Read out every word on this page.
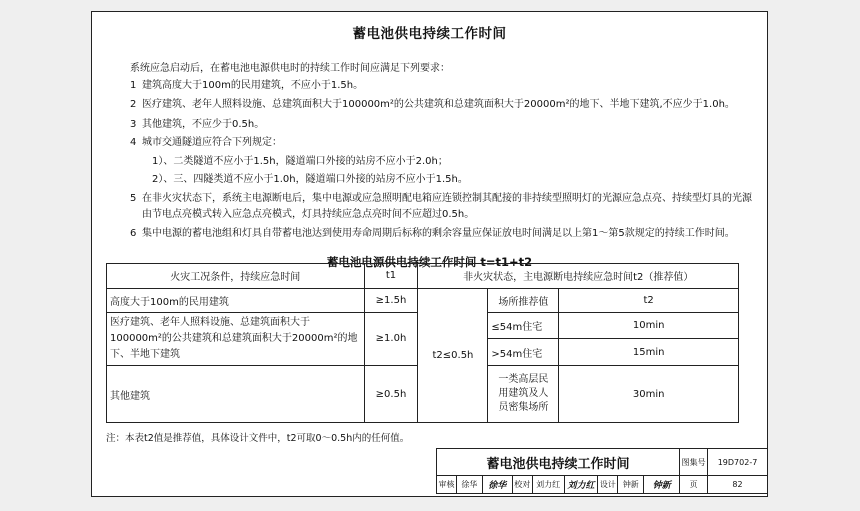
蓄电池供电持续工作时间
系统应急启动后，在蓄电池电源供电时的持续工作时间应满足下列要求：
1 建筑高度大于100m的民用建筑，不应小于1.5h。
2 医疗建筑、老年人照料设施、总建筑面积大于100000m²的公共建筑和总建筑面积大于20000m²的地下、半地下建筑,不应少于1.0h。
3 其他建筑，不应少于0.5h。
4 城市交通隧道应符合下列规定：
1）、二类隧道不应小于1.5h，隧道端口外接的站房不应小于2.0h；
2）、三、四隧类道不应小于1.0h，隧道端口外接的站房不应小于1.5h。
5 在非火灾状态下，系统主电源断电后，集中电源或应急照明配电箱应连锁控制其配接的非持续型照明灯的光源应急点亮、持续型灯具的光源
由节电点亮模式转入应急点亮模式，灯具持续应急点亮时间不应超过0.5h。
6 集中电源的蓄电池组和灯具自带蓄电池达到使用寿命周期后标称的剩余容量应保证放电时间满足以上第1～第5款规定的持续工作时间。
蓄电池电源供电持续工作时间 t=t1+t2
火灾工况条件，持续应急时间	t1	非火灾状态，主电源断电持续应急时间t2（推荐值）		
高度大于100m的民用建筑	≥1.5h	t2≤0.5h	场所推荐值	t2
医疗建筑、老年人照料设施、总建筑面积大于100000m²的公共建筑和总建筑面积大于20000m²的地下、半地下建筑	≥1.0h		≤54m住宅	10min
			>54m住宅	15min
其他建筑	≥0.5h		一类高层民用建筑及人员密集场所	30min
注：本表t2值是推荐值，具体设计文件中，t2可取0～0.5h内的任何值。
蓄电池供电持续工作时间									图集号	19D702-7
审核	徐华	徐华	校对	刘力红	刘力红	设计	钟新	钟新	页	82
